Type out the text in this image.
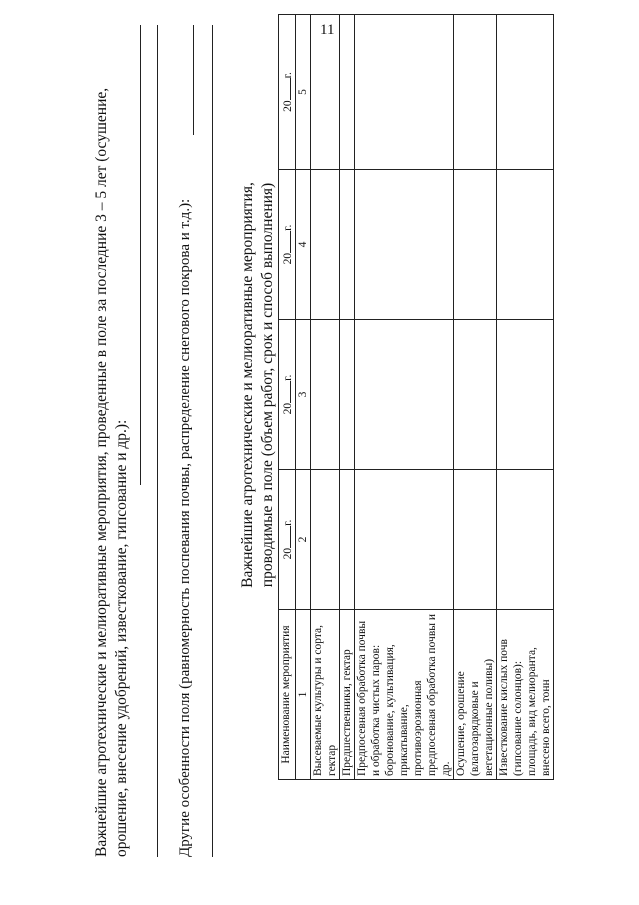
11
Важнейшие агротехнические и мелиоративные мероприятия, проведенные в поле за последние 3 – 5 лет (осушение, орошение, внесение удобрений, известкование, гипсование и др.):	Другие особенности поля (равномерность поспевания почвы, распределение снегового покрова и т.д.):	Важнейшие агротехнические и мелиоративные мероприятия, проводимые в поле (объем работ, срок и способ выполнения)
Наименование мероприятия	20г.	20г.	20г.	20г.
1	2	3	4	5
Высеваемые культуры и сорта, гектар				
Предшественники, гектар				
Предпосевная обработка почвы и обработка чистых паров: боронование, культивация, прикатывание, противоэрозионная предпосевная обработка почвы и др.				
Осушение, орошение (влагозарядковые и вегетационные поливы)				
Известкование кислых почв (гипсование солонцов): площадь, вид мелиоранта, внесено всего, тонн				
